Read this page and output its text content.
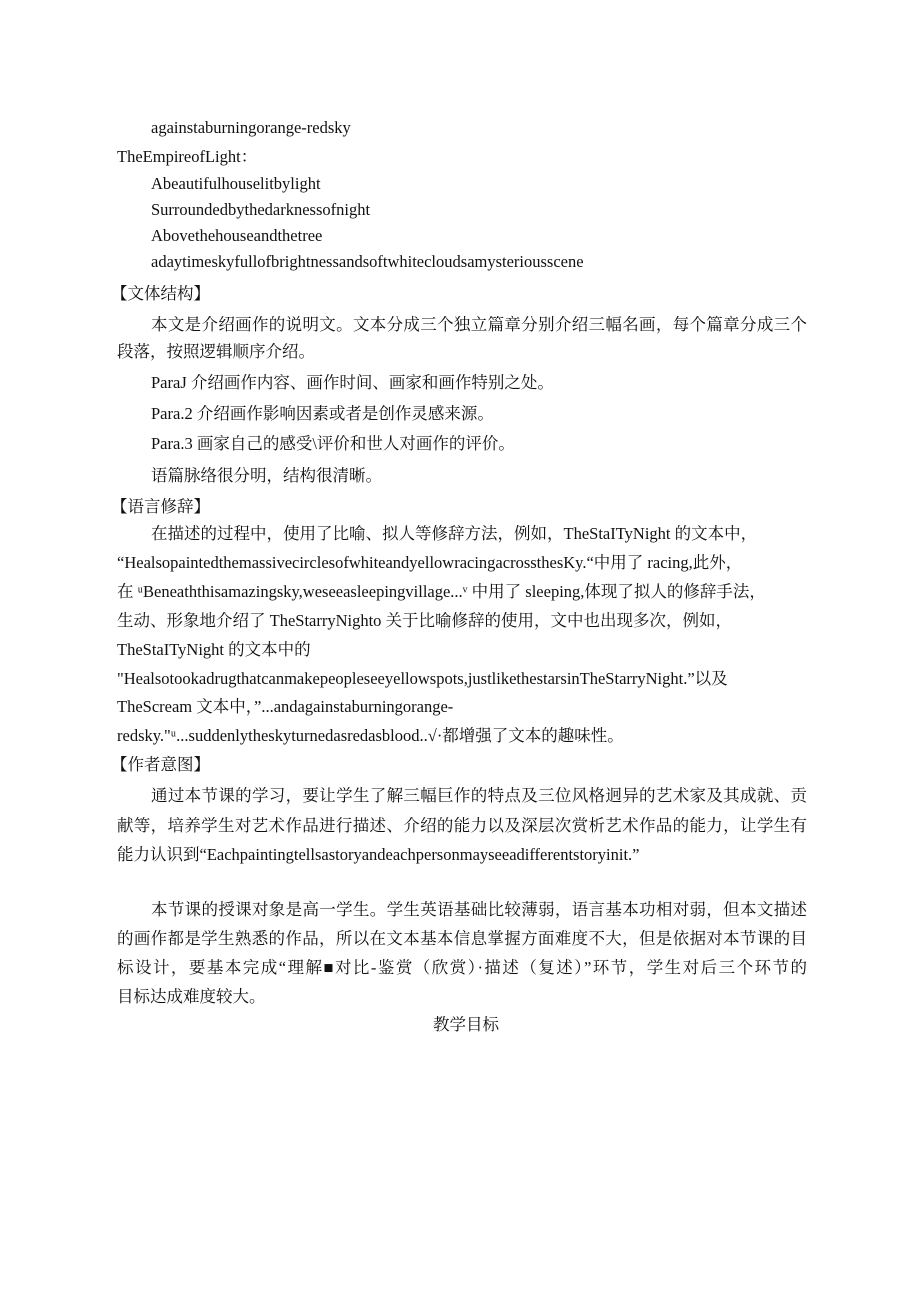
againstaburningorange-redsky
TheEmpireofLight：
Abeautifulhouselitbylight
Surroundedbythedarknessofnight
Abovethehouseandthetree
adaytimeskyfullofbrightnessandsoftwhitecloudsamysteriousscene
【文体结构】
本文是介绍画作的说明文。文本分成三个独立篇章分别介绍三幅名画，每个篇章分成三个
段落，按照逻辑顺序介绍。
ParaJ 介绍画作内容、画作时间、画家和画作特别之处。
Para.2 介绍画作影响因素或者是创作灵感来源。
Para.3 画家自己的感受\评价和世人对画作的评价。
语篇脉络很分明，结构很清晰。
【语言修辞】
在描述的过程中，使用了比喻、拟人等修辞方法，例如，TheStaITyNight 的文本中，
“HealsopaintedthemassivecirclesofwhiteandyellowracingacrossthesKy.“中用了 racing,此外，
在 ᵘBeneaththisamazingsky,weseeasleepingvillage...ᵛ 中用了 sleeping,体现了拟人的修辞手法，
生动、形象地介绍了 TheStarryNighto 关于比喻修辞的使用，文中也出现多次，例如，
TheStaITyNight 的文本中的
"Healsotookadrugthatcanmakepeopleseeyellowspots,justlikethestarsinTheStarryNight.”以及
TheScream 文本中，”...andagainstaburningorange-
redsky."ᵘ...suddenlytheskyturnedasredasblood..√·都增强了文本的趣味性。
【作者意图】
通过本节课的学习，要让学生了解三幅巨作的特点及三位风格迥异的艺术家及其成就、贡
献等，培养学生对艺术作品进行描述、介绍的能力以及深层次赏析艺术作品的能力，让学生有
能力认识到“Eachpaintingtellsastoryandeachpersonmayseeadifferentstoryinit.”
本节课的授课对象是高一学生。学生英语基础比较薄弱，语言基本功相对弱，但本文描述
的画作都是学生熟悉的作品，所以在文本基本信息掌握方面难度不大，但是依据对本节课的目
标设计，要基本完成“理解■对比-鉴赏（欣赏）·描述（复述）”环节，学生对后三个环节的
目标达成难度较大。
教学目标
